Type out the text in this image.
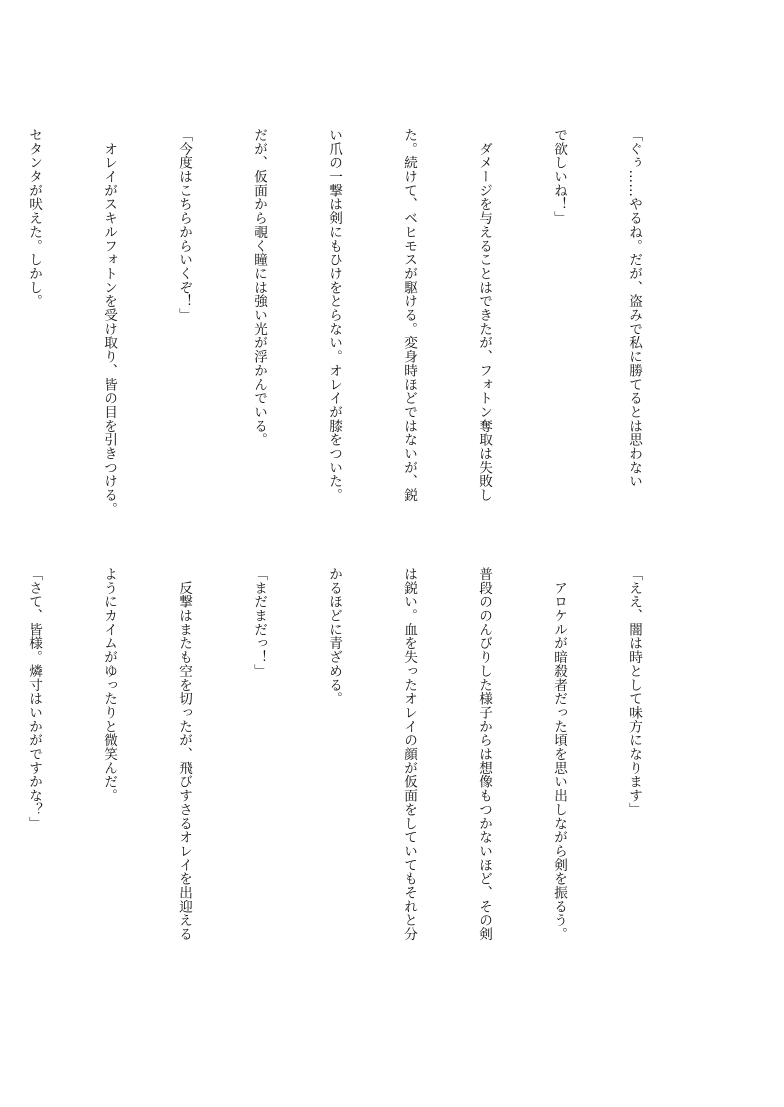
「ぐぅ……やるね。だが、盗みで私に勝てるとは思わない

で欲しいね！」

　ダメージを与えることはできたが、フォトン奪取は失敗し

た。続けて、ベヒモスが駆ける。変身時ほどではないが、鋭

い爪の一撃は剣にもひけをとらない。オレイが膝をついた。

だが、仮面から覗く瞳には強い光が浮かんでいる。

「今度はこちらからいくぞ！」

　オレイがスキルフォトンを受け取り、皆の目を引きつける。

セタンタが吠えた。しかし。

「ええ、闇は時として味方になります」

　アロケルが暗殺者だった頃を思い出しながら剣を振るう。

普段ののんびりした様子からは想像もつかないほど、その剣

は鋭い。血を失ったオレイの顔が仮面をしていてもそれと分

かるほどに青ざめる。

「まだまだっ！」

　反撃はまたも空を切ったが、飛びすさるオレイを出迎える

ようにカイムがゆったりと微笑んだ。

「さて、皆様。燐寸はいかがですかな？」
